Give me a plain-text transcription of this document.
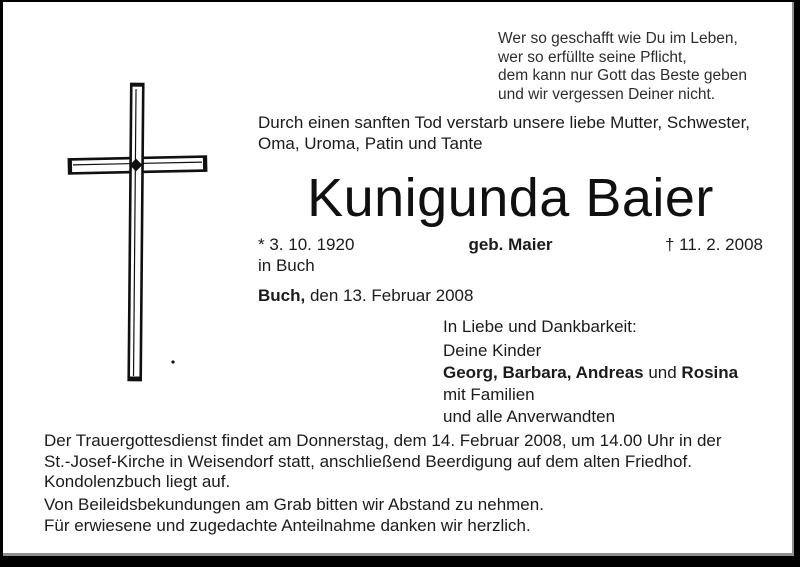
Wer so geschafft wie Du im Leben,
wer so erfüllte seine Pflicht,
dem kann nur Gott das Beste geben
und wir vergessen Deiner nicht.
Durch einen sanften Tod verstarb unsere liebe Mutter, Schwester,
Oma, Uroma, Patin und Tante
Kunigunda Baier
* 3. 10. 1920	geb. Maier	† 11. 2. 2008
in Buch
Buch, den 13. Februar 2008
In Liebe und Dankbarkeit:
Deine Kinder
Georg, Barbara, Andreas und Rosina
mit Familien
und alle Anverwandten
Der Trauergottesdienst findet am Donnerstag, dem 14. Februar 2008, um 14.00 Uhr in der
St.-Josef-Kirche in Weisendorf statt, anschließend Beerdigung auf dem alten Friedhof.
Kondolenzbuch liegt auf.
Von Beileidsbekundungen am Grab bitten wir Abstand zu nehmen.
Für erwiesene und zugedachte Anteilnahme danken wir herzlich.
